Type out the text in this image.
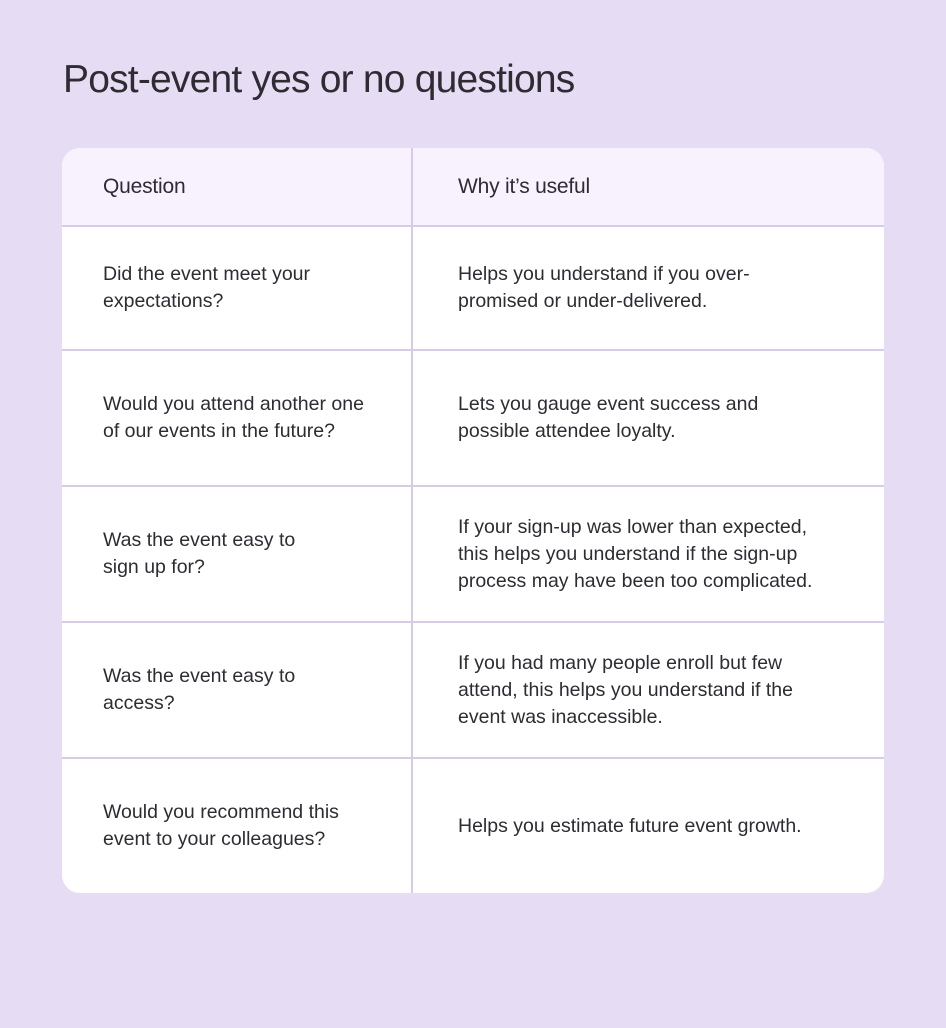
Post-event yes or no questions
Question	Why it’s useful
Did the event meet your
expectations?
Helps you understand if you over-
promised or under-delivered.
Would you attend another one
of our events in the future?
Lets you gauge event success and
possible attendee loyalty.
Was the event easy to
sign up for?
If your sign-up was lower than expected,
this helps you understand if the sign-up
process may have been too complicated.
Was the event easy to
access?
If you had many people enroll but few
attend, this helps you understand if the
event was inaccessible.
Would you recommend this
event to your colleagues?
Helps you estimate future event growth.
